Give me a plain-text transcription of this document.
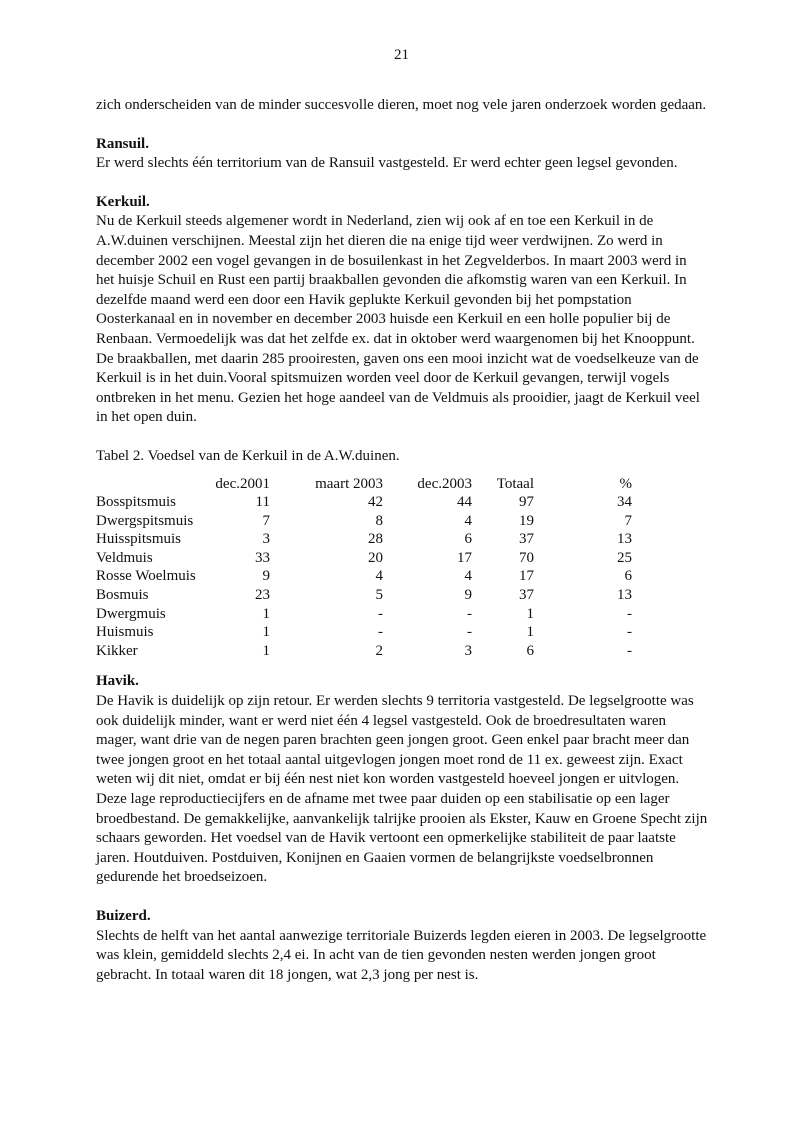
21

zich onderscheiden van de minder succesvolle dieren, moet nog vele jaren onderzoek worden gedaan.

Ransuil.
Er werd slechts één territorium van de Ransuil vastgesteld. Er werd echter geen legsel gevonden.

Kerkuil.
Nu de Kerkuil steeds algemener wordt in Nederland, zien wij ook af en toe een Kerkuil in de A.W.duinen verschijnen. Meestal zijn het dieren die na enige tijd weer verdwijnen. Zo werd in december 2002 een vogel gevangen in de bosuilenkast in het Zegvelderbos. In maart 2003 werd in het huisje Schuil en Rust een partij braakballen gevonden die afkomstig waren van een Kerkuil. In dezelfde maand werd een door een Havik geplukte Kerkuil gevonden bij het pompstation Oosterkanaal en in november en december 2003 huisde een Kerkuil en een holle populier bij de Renbaan. Vermoedelijk was dat het zelfde ex. dat in oktober werd waargenomen bij het Knooppunt. De braakballen, met daarin 285 prooiresten, gaven ons een mooi inzicht wat de voedselkeuze van de Kerkuil is in het duin.Vooral spitsmuizen worden veel door de Kerkuil gevangen, terwijl vogels ontbreken in het menu. Gezien het hoge aandeel van de Veldmuis als prooidier, jaagt de Kerkuil veel in het open duin.

Tabel 2. Voedsel van de Kerkuil in de A.W.duinen.
	dec.2001	maart 2003	dec.2003	Totaal	%
Bosspitsmuis	11	42	44	97	34
Dwergspitsmuis	7	8	4	19	7
Huisspitsmuis	3	28	6	37	13
Veldmuis	33	20	17	70	25
Rosse Woelmuis	9	4	4	17	6
Bosmuis	23	5	9	37	13
Dwergmuis	1	-	-	1	-
Huismuis	1	-	-	1	-
Kikker	1	2	3	6	-

Havik.
De Havik is duidelijk op zijn retour. Er werden slechts 9 territoria vastgesteld. De legselgrootte was ook duidelijk minder, want er werd niet één 4 legsel vastgesteld. Ook de broedresultaten waren mager, want drie van de negen paren brachten geen jongen groot. Geen enkel paar bracht meer dan twee jongen groot en het totaal aantal uitgevlogen jongen moet rond de 11 ex. geweest zijn. Exact weten wij dit niet, omdat er bij één nest niet kon worden vastgesteld hoeveel jongen er uitvlogen. Deze lage reproductiecijfers en de afname met twee paar duiden op een stabilisatie op een lager broedbestand. De gemakkelijke, aanvankelijk talrijke prooien als Ekster, Kauw en Groene Specht zijn schaars geworden. Het voedsel van de Havik vertoont een opmerkelijke stabiliteit de paar laatste jaren. Houtduiven. Postduiven, Konijnen en Gaaien vormen de belangrijkste voedselbronnen gedurende het broedseizoen.

Buizerd.
Slechts de helft van het aantal aanwezige territoriale Buizerds legden eieren in 2003. De legselgrootte was klein, gemiddeld slechts 2,4 ei. In acht van de tien gevonden nesten werden jongen groot gebracht. In totaal waren dit 18 jongen, wat 2,3 jong per nest is.
